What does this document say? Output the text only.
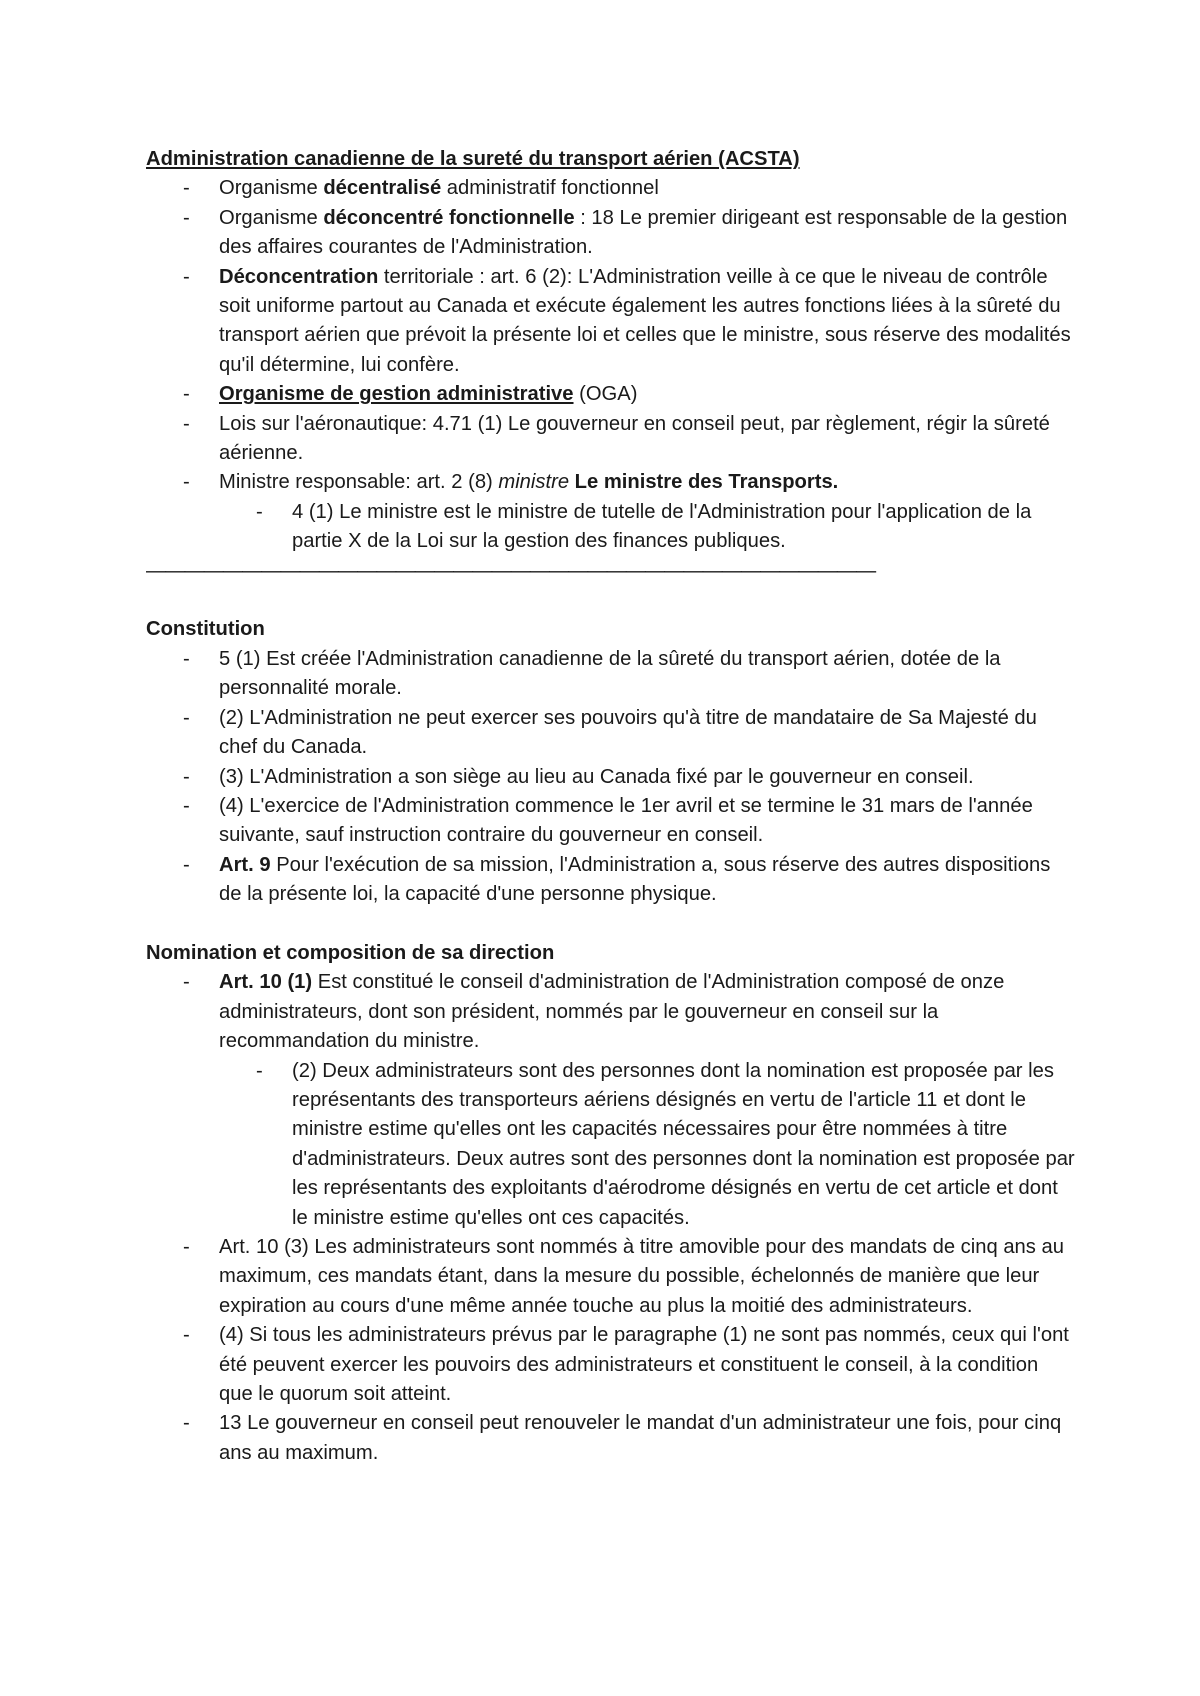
Administration canadienne de la sureté du transport aérien (ACSTA)

- Organisme décentralisé administratif fonctionnel
- Organisme déconcentré fonctionnelle : 18 Le premier dirigeant est responsable de la gestion des affaires courantes de l'Administration.
- Déconcentration territoriale : art. 6 (2): L'Administration veille à ce que le niveau de contrôle soit uniforme partout au Canada et exécute également les autres fonctions liées à la sûreté du transport aérien que prévoit la présente loi et celles que le ministre, sous réserve des modalités qu'il détermine, lui confère.
- Organisme de gestion administrative (OGA)
- Lois sur l'aéronautique: 4.71 (1) Le gouverneur en conseil peut, par règlement, régir la sûreté aérienne.
- Ministre responsable: art. 2 (8) ministre Le ministre des Transports.
- 4 (1) Le ministre est le ministre de tutelle de l'Administration pour l'application de la partie X de la Loi sur la gestion des finances publiques.

——————————————————————————————————————

Constitution

- 5 (1) Est créée l'Administration canadienne de la sûreté du transport aérien, dotée de la personnalité morale.
- (2) L'Administration ne peut exercer ses pouvoirs qu'à titre de mandataire de Sa Majesté du chef du Canada.
- (3) L'Administration a son siège au lieu au Canada fixé par le gouverneur en conseil.
- (4) L'exercice de l'Administration commence le 1er avril et se termine le 31 mars de l'année suivante, sauf instruction contraire du gouverneur en conseil.
- Art. 9 Pour l'exécution de sa mission, l'Administration a, sous réserve des autres dispositions de la présente loi, la capacité d'une personne physique.

Nomination et composition de sa direction

- Art. 10 (1) Est constitué le conseil d'administration de l'Administration composé de onze administrateurs, dont son président, nommés par le gouverneur en conseil sur la recommandation du ministre.
- (2) Deux administrateurs sont des personnes dont la nomination est proposée par les représentants des transporteurs aériens désignés en vertu de l'article 11 et dont le ministre estime qu'elles ont les capacités nécessaires pour être nommées à titre d'administrateurs. Deux autres sont des personnes dont la nomination est proposée par les représentants des exploitants d'aérodrome désignés en vertu de cet article et dont le ministre estime qu'elles ont ces capacités.
- Art. 10 (3) Les administrateurs sont nommés à titre amovible pour des mandats de cinq ans au maximum, ces mandats étant, dans la mesure du possible, échelonnés de manière que leur expiration au cours d'une même année touche au plus la moitié des administrateurs.
- (4) Si tous les administrateurs prévus par le paragraphe (1) ne sont pas nommés, ceux qui l'ont été peuvent exercer les pouvoirs des administrateurs et constituent le conseil, à la condition que le quorum soit atteint.
- 13 Le gouverneur en conseil peut renouveler le mandat d'un administrateur une fois, pour cinq ans au maximum.
